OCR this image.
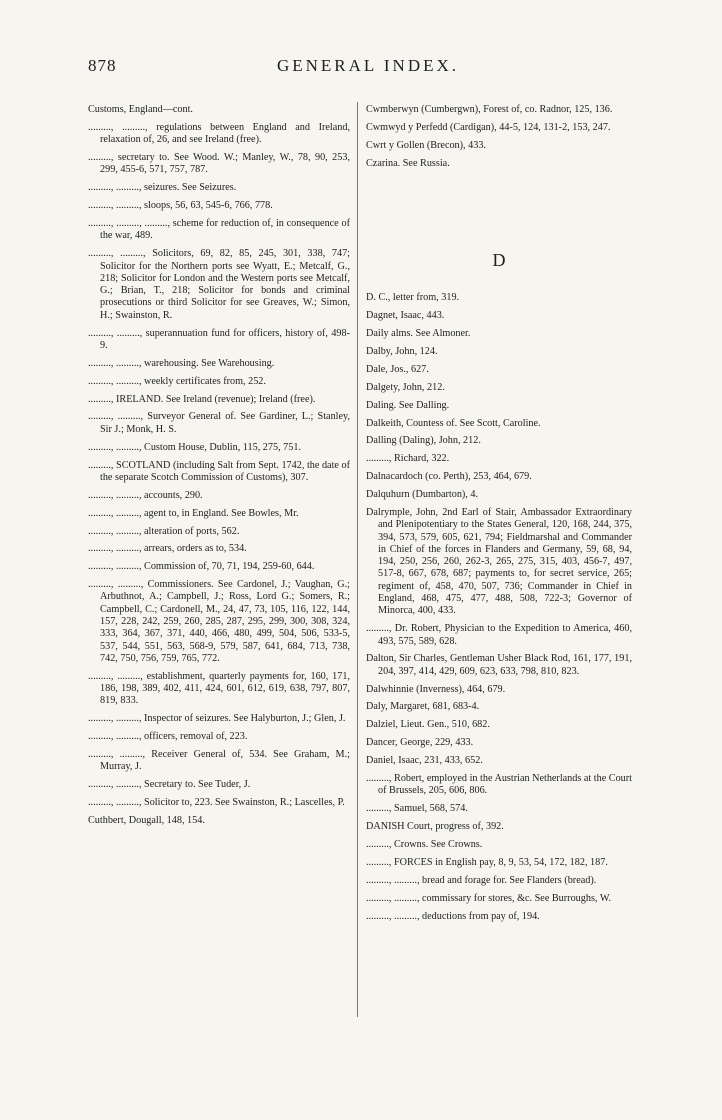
878	GENERAL INDEX.
Customs, England—cont.
........., ........., regulations between England and Ireland, relaxation of, 26, and see Ireland (free).
........., secretary to. See Wood. W.; Manley, W., 78, 90, 253, 299, 455-6, 571, 757, 787.
........., ........., seizures. See Seizures.
........., ........., sloops, 56, 63, 545-6, 766, 778.
........., ........., ........., scheme for reduction of, in consequence of the war, 489.
........., ........., Solicitors, 69, 82, 85, 245, 301, 338, 747; Solicitor for the Northern ports see Wyatt, E.; Metcalf, G., 218; Solicitor for London and the Western ports see Metcalf, G.; Brian, T., 218; Solicitor for bonds and criminal prosecutions or third Solicitor for see Greaves, W.; Simon, H.; Swainston, R.
........., ........., superannuation fund for officers, history of, 498-9.
........., ........., warehousing. See Warehousing.
........., ........., weekly certificates from, 252.
........., IRELAND. See Ireland (revenue); Ireland (free).
........., ........., Surveyor General of. See Gardiner, L.; Stanley, Sir J.; Monk, H. S.
........., ........., Custom House, Dublin, 115, 275, 751.
........., SCOTLAND (including Salt from Sept. 1742, the date of the separate Scotch Commission of Customs), 307.
........., ........., accounts, 290.
........., ........., agent to, in England. See Bowles, Mr.
........., ........., alteration of ports, 562.
........., ........., arrears, orders as to, 534.
........., ........., Commission of, 70, 71, 194, 259-60, 644.
........., ........., Commissioners. See Cardonel, J.; Vaughan, G.; Arbuthnot, A.; Campbell, J.; Ross, Lord G.; Somers, R.; Campbell, C.; Cardonell, M., 24, 47, 73, 105, 116, 122, 144, 157, 228, 242, 259, 260, 285, 287, 295, 299, 300, 308, 324, 333, 364, 367, 371, 440, 466, 480, 499, 504, 506, 533-5, 537, 544, 551, 563, 568-9, 579, 587, 641, 684, 713, 738, 742, 750, 756, 759, 765, 772.
........., ........., establishment, quarterly payments for, 160, 171, 186, 198, 389, 402, 411, 424, 601, 612, 619, 638, 797, 807, 819, 833.
........., ........., Inspector of seizures. See Halyburton, J.; Glen, J.
........., ........., officers, removal of, 223.
........., ........., Receiver General of, 534. See Graham, M.; Murray, J.
........., ........., Secretary to. See Tuder, J.
........., ........., Solicitor to, 223. See Swainston, R.; Lascelles, P.
Cuthbert, Dougall, 148, 154.
Cwmberwyn (Cumbergwn), Forest of, co. Radnor, 125, 136.
Cwmwyd y Perfedd (Cardigan), 44-5, 124, 131-2, 153, 247.
Cwrt y Gollen (Brecon), 433.
Czarina. See Russia.
D
D. C., letter from, 319.
Dagnet, Isaac, 443.
Daily alms. See Almoner.
Dalby, John, 124.
Dale, Jos., 627.
Dalgety, John, 212.
Daling. See Dalling.
Dalkeith, Countess of. See Scott, Caroline.
Dalling (Daling), John, 212.
........., Richard, 322.
Dalnacardoch (co. Perth), 253, 464, 679.
Dalquhurn (Dumbarton), 4.
Dalrymple, John, 2nd Earl of Stair, Ambassador Extraordinary and Plenipotentiary to the States General, 120, 168, 244, 375, 394, 573, 579, 605, 621, 794; Fieldmarshal and Commander in Chief of the forces in Flanders and Germany, 59, 68, 94, 194, 250, 256, 260, 262-3, 265, 275, 315, 403, 456-7, 497, 517-8, 667, 678, 687; payments to, for secret service, 265; regiment of, 458, 470, 507, 736; Commander in Chief in England, 468, 475, 477, 488, 508, 722-3; Governor of Minorca, 400, 433.
........., Dr. Robert, Physician to the Expedition to America, 460, 493, 575, 589, 628.
Dalton, Sir Charles, Gentleman Usher Black Rod, 161, 177, 191, 204, 397, 414, 429, 609, 623, 633, 798, 810, 823.
Dalwhinnie (Inverness), 464, 679.
Daly, Margaret, 681, 683-4.
Dalziel, Lieut. Gen., 510, 682.
Dancer, George, 229, 433.
Daniel, Isaac, 231, 433, 652.
........., Robert, employed in the Austrian Netherlands at the Court of Brussels, 205, 606, 806.
........., Samuel, 568, 574.
DANISH Court, progress of, 392.
........., Crowns. See Crowns.
........., FORCES in English pay, 8, 9, 53, 54, 172, 182, 187.
........., ........., bread and forage for. See Flanders (bread).
........., ........., commissary for stores, &c. See Burroughs, W.
........., ........., deductions from pay of, 194.
